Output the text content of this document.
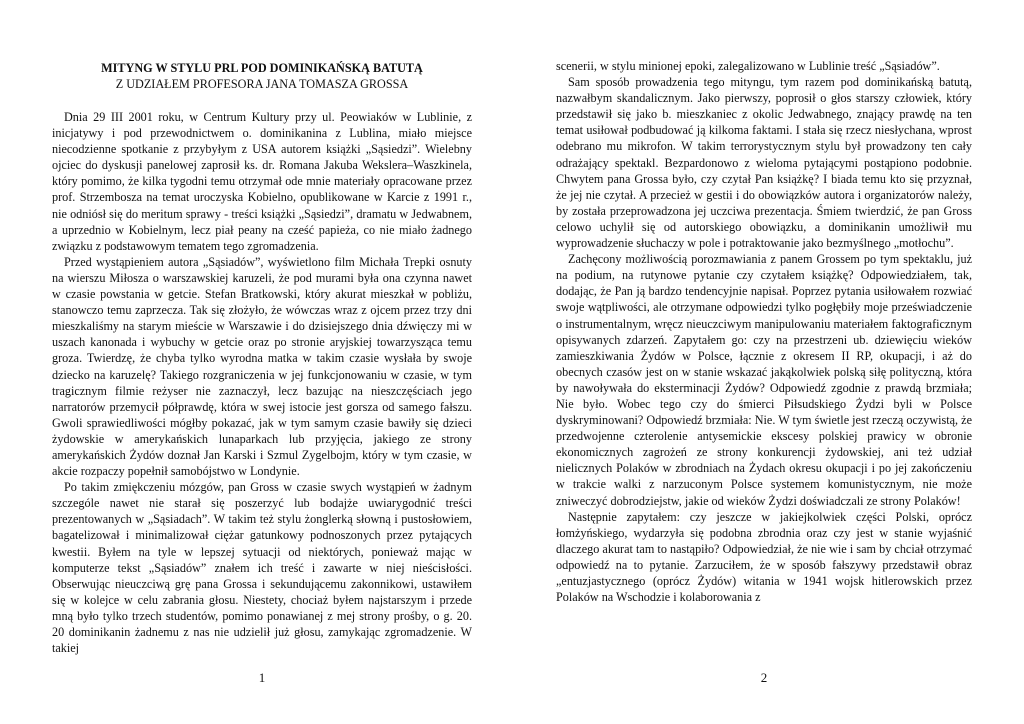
MITYNG W STYLU PRL POD DOMINIKAŃSKĄ BATUTĄ
Z UDZIAŁEM PROFESORA JANA TOMASZA GROSSA

Dnia 29 III 2001 roku, w Centrum Kultury przy ul. Peowiaków w Lublinie, z inicjatywy i pod przewodnictwem o. dominikanina z Lublina, miało miejsce niecodzienne spotkanie z przybyłym z USA autorem książki „Sąsiedzi”. Wielebny ojciec do dyskusji panelowej zaprosił ks. dr. Romana Jakuba Wekslera–Waszkinela, który pomimo, że kilka tygodni temu otrzymał ode mnie materiały opracowane przez prof. Strzembosza na temat uroczyska Kobielno, opublikowane w Karcie z 1991 r., nie odniósł się do meritum sprawy - treści książki „Sąsiedzi”, dramatu w Jedwabnem, a uprzednio w Kobielnym, lecz piał peany na cześć papieża, co nie miało żadnego związku z podstawowym tematem tego zgromadzenia.

Przed wystąpieniem autora „Sąsiadów”, wyświetlono film Michała Trepki osnuty na wierszu Miłosza o warszawskiej karuzeli, że pod murami była ona czynna nawet w czasie powstania w getcie. Stefan Bratkowski, który akurat mieszkał w pobliżu, stanowczo temu zaprzecza. Tak się złożyło, że wówczas wraz z ojcem przez trzy dni mieszkaliśmy na starym mieście w Warszawie i do dzisiejszego dnia dźwięczy mi w uszach kanonada i wybuchy w getcie oraz po stronie aryjskiej towarzysząca temu groza. Twierdzę, że chyba tylko wyrodna matka w takim czasie wysłała by swoje dziecko na karuzelę? Takiego rozgraniczenia w jej funkcjonowaniu w czasie, w tym tragicznym filmie reżyser nie zaznaczył, lecz bazując na nieszczęściach jego narratorów przemycił półprawdę, która w swej istocie jest gorsza od samego fałszu. Gwoli sprawiedliwości mógłby pokazać, jak w tym samym czasie bawiły się dzieci żydowskie w amerykańskich lunaparkach lub przyjęcia, jakiego ze strony amerykańskich Żydów doznał Jan Karski i Szmul Zygelbojm, który w tym czasie, w akcie rozpaczy popełnił samobójstwo w Londynie.

Po takim zmiękczeniu mózgów, pan Gross w czasie swych wystąpień w żadnym szczególe nawet nie starał się poszerzyć lub bodajże uwiarygodnić treści prezentowanych w „Sąsiadach”. W takim też stylu żonglerką słowną i pustosłowiem, bagatelizował i minimalizował ciężar gatunkowy podnoszonych przez pytających kwestii. Byłem na tyle w lepszej sytuacji od niektórych, ponieważ mając w komputerze tekst „Sąsiadów” znałem ich treść i zawarte w niej nieścisłości. Obserwując nieuczciwą grę pana Grossa i sekundującemu zakonnikowi, ustawiłem się w kolejce w celu zabrania głosu. Niestety, chociaż byłem najstarszym i przede mną było tylko trzech studentów, pomimo ponawianej z mej strony prośby, o g. 20. 20 dominikanin żadnemu z nas nie udzielił już głosu, zamykając zgromadzenie. W takiej

1

scenerii, w stylu minionej epoki, zalegalizowano w Lublinie treść „Sąsiadów”.

Sam sposób prowadzenia tego mityngu, tym razem pod dominikańską batutą, nazwałbym skandalicznym. Jako pierwszy, poprosił o głos starszy człowiek, który przedstawił się jako b. mieszkaniec z okolic Jedwabnego, znający prawdę na ten temat usiłował podbudować ją kilkoma faktami. I stała się rzecz niesłychana, wprost odebrano mu mikrofon. W takim terrorystycznym stylu był prowadzony ten cały odrażający spektakl. Bezpardonowo z wieloma pytającymi postąpiono podobnie. Chwytem pana Grossa było, czy czytał Pan książkę? I biada temu kto się przyznał, że jej nie czytał. A przecież w gestii i do obowiązków autora i organizatorów należy, by została przeprowadzona jej uczciwa prezentacja. Śmiem twierdzić, że pan Gross celowo uchylił się od autorskiego obowiązku, a dominikanin umożliwił mu wyprowadzenie słuchaczy w pole i potraktowanie jako bezmyślnego „motłochu”.

Zachęcony możliwością porozmawiania z panem Grossem po tym spektaklu, już na podium, na rutynowe pytanie czy czytałem książkę? Odpowiedziałem, tak, dodając, że Pan ją bardzo tendencyjnie napisał. Poprzez pytania usiłowałem rozwiać swoje wątpliwości, ale otrzymane odpowiedzi tylko pogłębiły moje przeświadczenie o instrumentalnym, wręcz nieuczciwym manipulowaniu materiałem faktograficznym opisywanych zdarzeń. Zapytałem go: czy na przestrzeni ub. dziewięciu wieków zamieszkiwania Żydów w Polsce, łącznie z okresem II RP, okupacji, i aż do obecnych czasów jest on w stanie wskazać jakąkolwiek polską siłę polityczną, która by nawoływała do eksterminacji Żydów? Odpowiedź zgodnie z prawdą brzmiała; Nie było. Wobec tego czy do śmierci Piłsudskiego Żydzi byli w Polsce dyskryminowani? Odpowiedź brzmiała: Nie. W tym świetle jest rzeczą oczywistą, że przedwojenne czterolenie antysemickie ekscesy polskiej prawicy w obronie ekonomicznych zagrożeń ze strony konkurencji żydowskiej, ani też udział nielicznych Polaków w zbrodniach na Żydach okresu okupacji i po jej zakończeniu w trakcie walki z narzuconym Polsce systemem komunistycznym, nie może zniweczyć dobrodziejstw, jakie od wieków Żydzi doświadczali ze strony Polaków!

Następnie zapytałem: czy jeszcze w jakiejkolwiek części Polski, oprócz łomżyńskiego, wydarzyła się podobna zbrodnia oraz czy jest w stanie wyjaśnić dlaczego akurat tam to nastąpiło? Odpowiedział, że nie wie i sam by chciał otrzymać odpowiedź na to pytanie. Zarzuciłem, że w sposób fałszywy przedstawił obraz „entuzjastycznego (oprócz Żydów) witania w 1941 wojsk hitlerowskich przez Polaków na Wschodzie i kolaborowania z

2
